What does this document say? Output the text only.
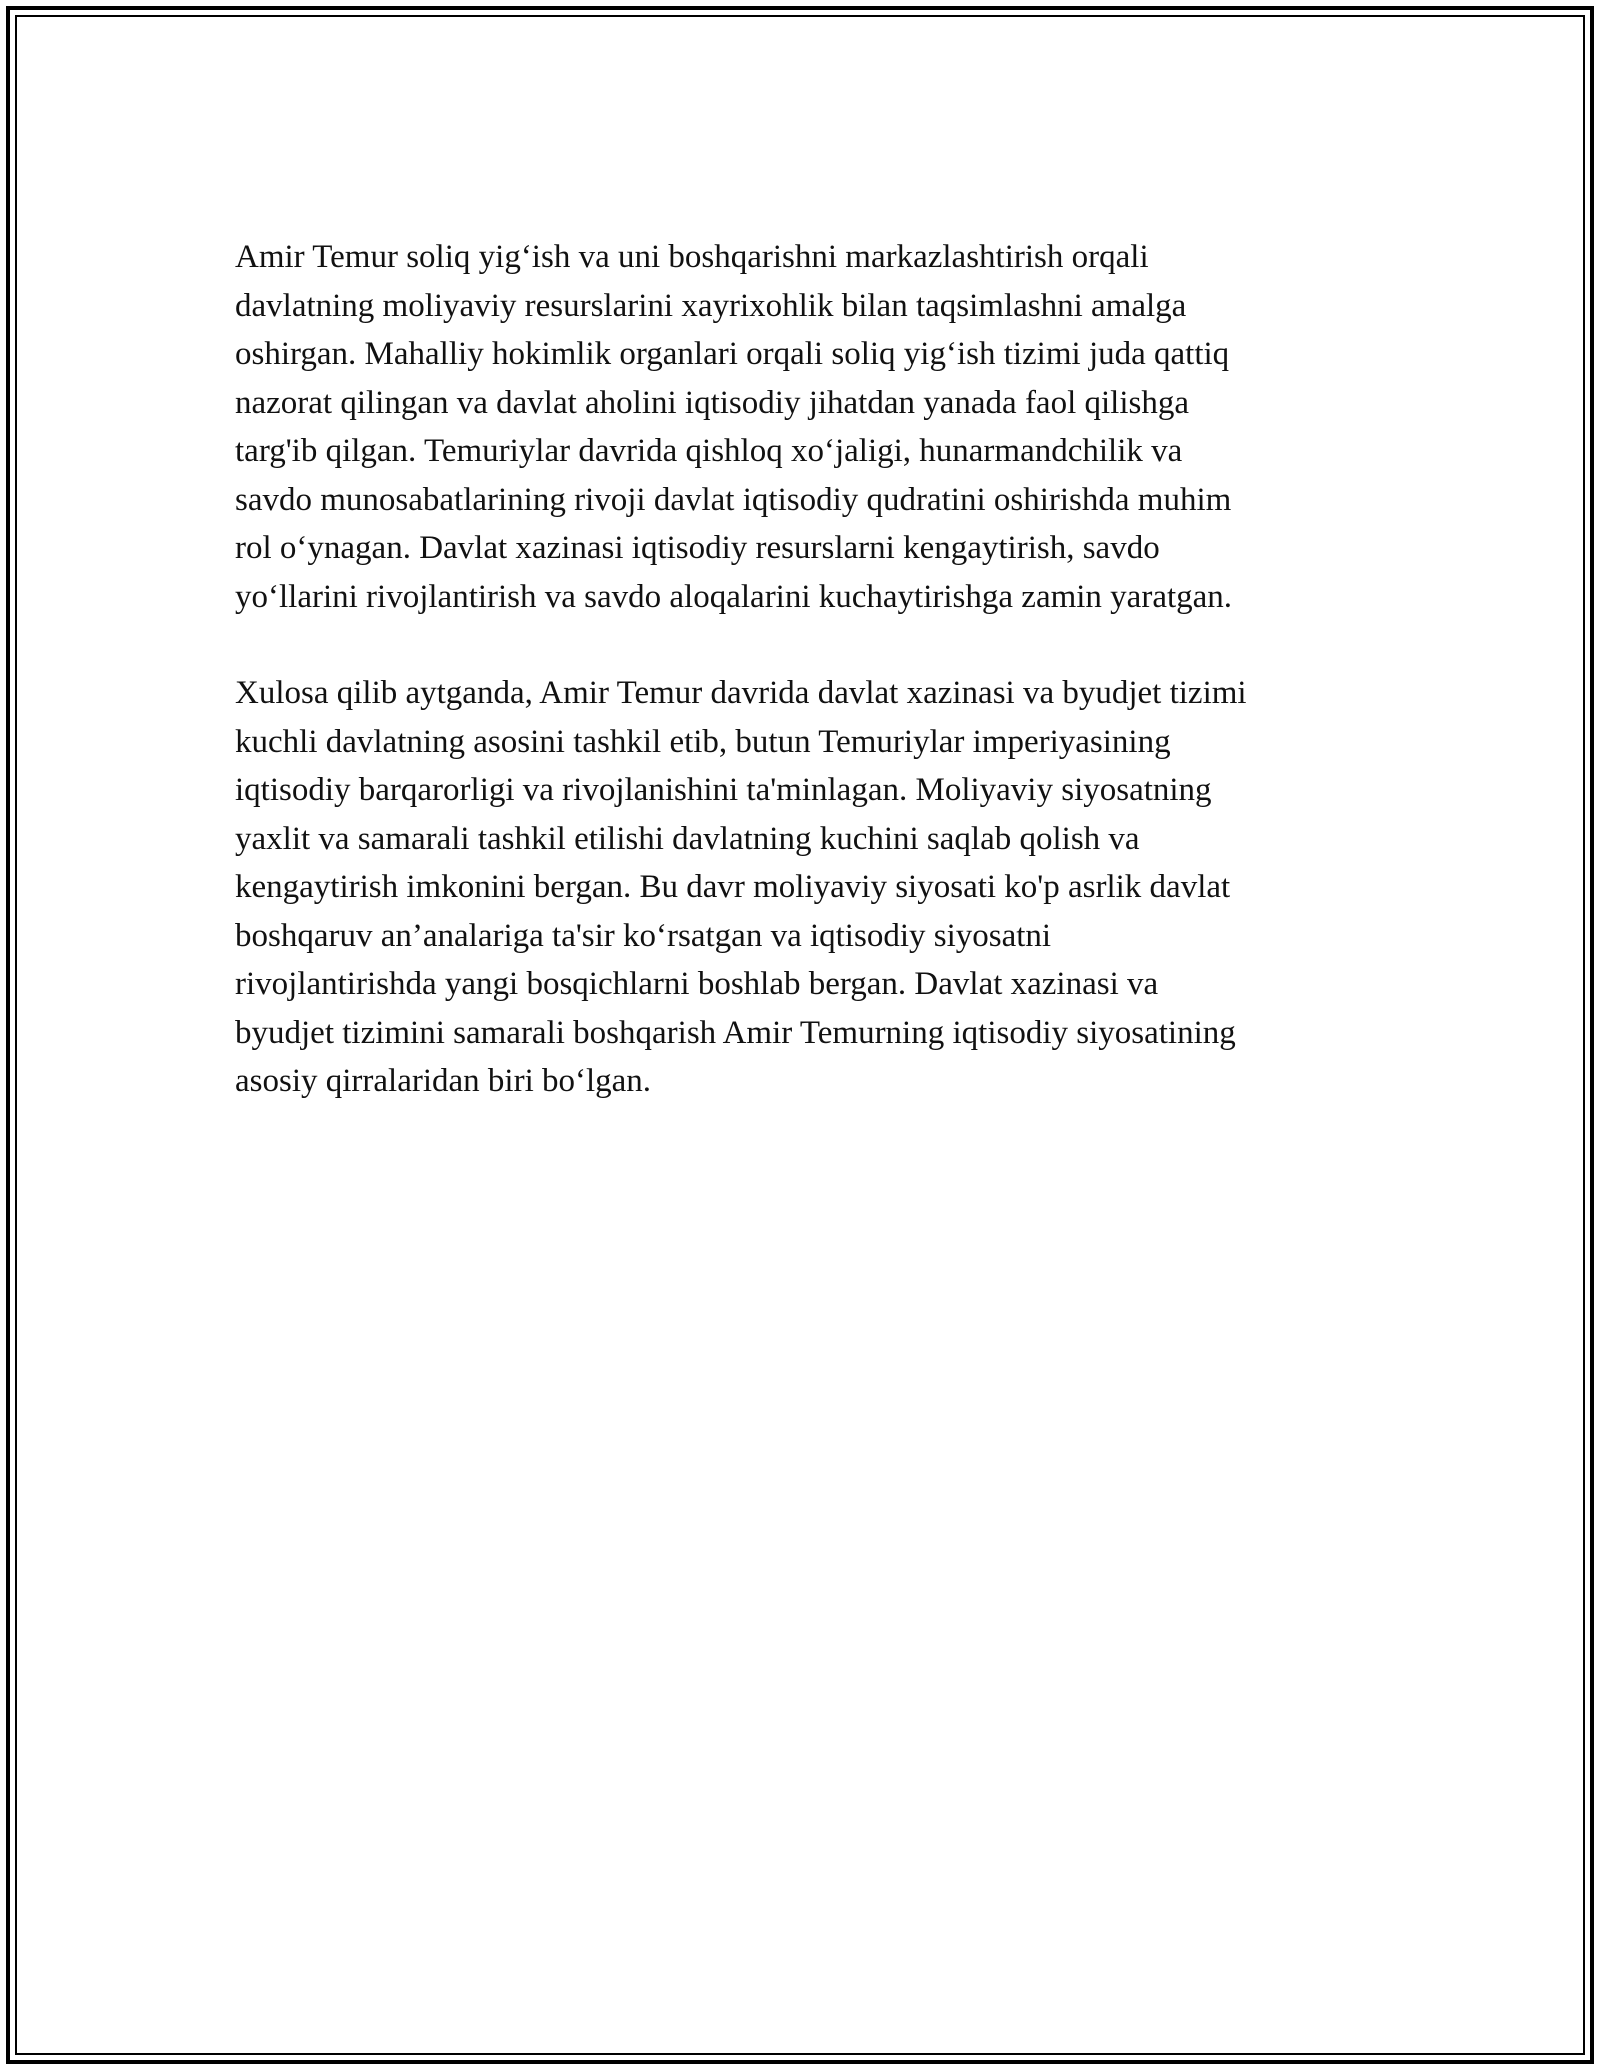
Amir Temur soliq yig‘ish va uni boshqarishni markazlashtirish orqali
davlatning moliyaviy resurslarini xayrixohlik bilan taqsimlashni amalga
oshirgan. Mahalliy hokimlik organlari orqali soliq yig‘ish tizimi juda qattiq
nazorat qilingan va davlat aholini iqtisodiy jihatdan yanada faol qilishga
targ'ib qilgan. Temuriylar davrida qishloq xo‘jaligi, hunarmandchilik va
savdo munosabatlarining rivoji davlat iqtisodiy qudratini oshirishda muhim
rol o‘ynagan. Davlat xazinasi iqtisodiy resurslarni kengaytirish, savdo
yo‘llarini rivojlantirish va savdo aloqalarini kuchaytirishga zamin yaratgan.

Xulosa qilib aytganda, Amir Temur davrida davlat xazinasi va byudjet tizimi
kuchli davlatning asosini tashkil etib, butun Temuriylar imperiyasining
iqtisodiy barqarorligi va rivojlanishini ta'minlagan. Moliyaviy siyosatning
yaxlit va samarali tashkil etilishi davlatning kuchini saqlab qolish va
kengaytirish imkonini bergan. Bu davr moliyaviy siyosati ko'p asrlik davlat
boshqaruv an’analariga ta'sir ko‘rsatgan va iqtisodiy siyosatni
rivojlantirishda yangi bosqichlarni boshlab bergan. Davlat xazinasi va
byudjet tizimini samarali boshqarish Amir Temurning iqtisodiy siyosatining
asosiy qirralaridan biri bo‘lgan.
